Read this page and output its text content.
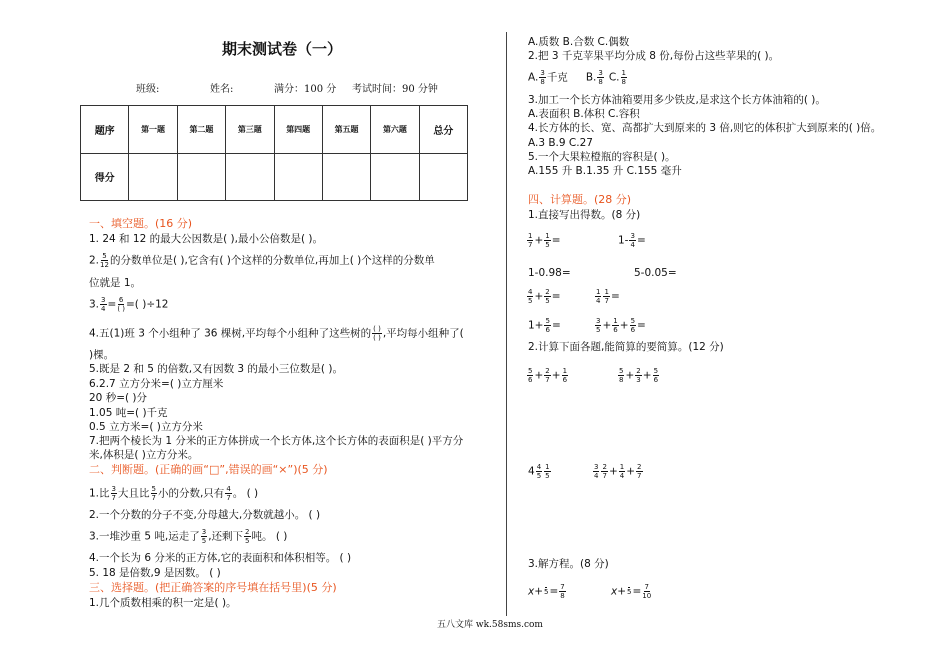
期末测试卷（一）
班级:	姓名:	满分：100 分 考试时间：90 分钟
题序	第一题	第二题	第三题	第四题	第五题	第六题	总分
得分							
一、填空题。(16 分)
1. 24 和 12 的最大公因数是( ),最小公倍数是( )。
2. $\frac{5}{12}$ 的分数单位是( ),它含有( )个这样的分数单位,再加上( )个这样的分数单
位就是 1。
3. $\frac{3}{4} = \frac{6}{( )}$ =( )÷12
4.五(1)班 3 个小组种了 36 棵树,平均每个小组种了这些树的 $\frac{( )}{( )}$ ,平均每小组种了(
)棵。
5.既是 2 和 5 的倍数,又有因数 3 的最小三位数是( )。
6.2.7 立方分米=( )立方厘米
20 秒=( )分
1.05 吨=( )千克
0.5 立方米=( )立方分米
7.把两个棱长为 1 分米的正方体拼成一个长方体,这个长方体的表面积是( )平方分
米,体积是( )立方分米。
二、判断题。(正确的画“□”,错误的画“×”)(5 分)
1.比 $\frac{3}{7}$ 大且比 $\frac{5}{7}$ 小的分数,只有 $\frac{4}{7}$ 。 ( )
2.一个分数的分子不变,分母越大,分数就越小。 ( )
3.一堆沙重 5 吨,运走了 $\frac{3}{5}$ ,还剩下 $\frac{2}{5}$ 吨。 ( )
4.一个长为 6 分米的正方体,它的表面积和体积相等。 ( )
5. 18 是倍数,9 是因数。 ( )
三、选择题。(把正确答案的序号填在括号里)(5 分)
1.几个质数相乘的积一定是( )。
A.质数 B.合数 C.偶数
2.把 3 千克苹果平均分成 8 份,每份占这些苹果的( )。
A. $\frac{3}{8}$ 千克 B. $\frac{3}{8} C$. $\frac{1}{8}$
3.加工一个长方体油箱要用多少铁皮,是求这个长方体油箱的( )。
A.表面积 B.体积 C.容积
4.长方体的长、宽、高都扩大到原来的 3 倍,则它的体积扩大到原来的( )倍。
A.3 B.9 C.27
5.一个大果粒橙瓶的容积是( )。
A.155 升 B.1.35 升 C.155 毫升
四、计算题。(28 分)
1.直接写出得数。(8 分)
$\frac{1}{7} + \frac{1}{5}$ =	$1- \frac{3}{4}$ =
1-0.98=	5-0.05=
$\frac{4}{5} + \frac{2}{5}$ =	$\frac{1}{4} \frac{1}{7}$ =
$1+ \frac{5}{6}$ =	$\frac{3}{5} + \frac{1}{6} + \frac{5}{6}$ =
2.计算下面各题,能简算的要简算。(12 分)
$\frac{5}{6} + \frac{2}{7} + \frac{1}{6}$	$\frac{5}{8} + \frac{2}{3} + \frac{5}{6}$
$4 \frac{4}{5} \frac{1}{5}$	$\frac{3}{4} \frac{2}{7} + \frac{1}{4} + \frac{2}{7}$
3.解方程。(8 分)
$x+ 5 = \frac{7}{8}$	$x+ 5 = \frac{7}{10}$
五八文库 wk.58sms.com
